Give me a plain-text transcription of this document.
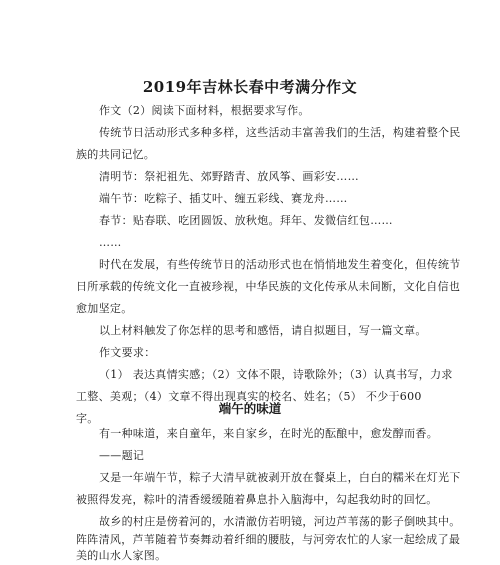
2019年吉林长春中考满分作文
作文（2）阅读下面材料，根据要求写作。
传统节日活动形式多种多样，这些活动丰富善我们的生活，构建着整个民
族的共同记忆。
清明节：祭祀祖先、郊野踏青、放风筝、画彩安……
端午节：吃粽子、插艾叶、缠五彩线、赛龙舟……
春节：贴春联、吃团圆饭、放秋炮。拜年、发微信红包……
……
时代在发展，有些传统节日的活动形式也在悄悄地发生着变化，但传统节
日所承载的传统文化一直被珍视，中华民族的文化传承从未间断，文化自信也
愈加坚定。
以上材料触发了你怎样的思考和感悟，请自拟题目，写一篇文章。
作文要求：
（1） 表达真情实感；（2）文体不限，诗歌除外；（3）认真书写，力求
工整、美观；（4）文章不得出现真实的校名、姓名；（5） 不少于600
端午的味道
有一种味道，来自童年，来自家乡，在时光的酝酿中，愈发醇而香。
——题记
又是一年端午节，粽子大清早就被剥开放在餐桌上，白白的糯米在灯光下
被照得发亮，粽叶的清香缓缓随着鼻息扑入脑海中，勾起我幼时的回忆。
故乡的村庄是傍着河的，水清澈仿若明镜，河边芦苇荡的影子倒映其中。
阵阵清风，芦苇随着节奏舞动着纤细的腰肢，与河旁农忙的人家一起绘成了最
美的山水人家图。
字。
